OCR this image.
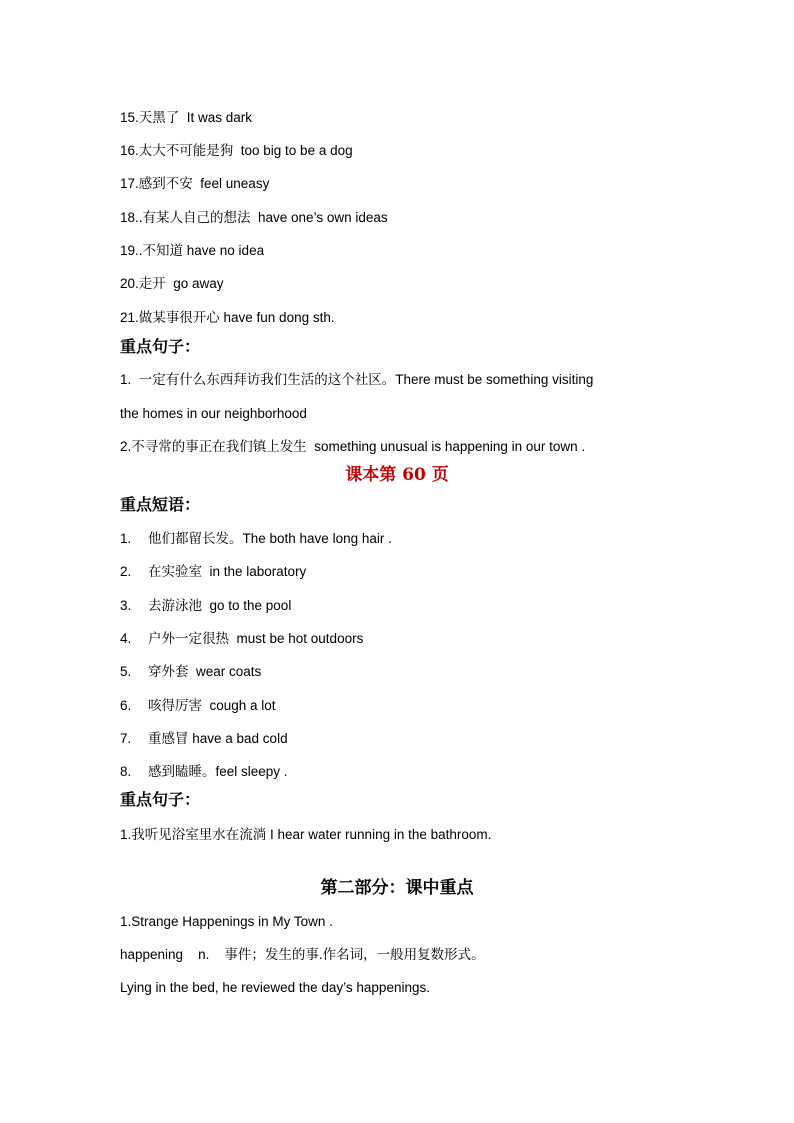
15.天黑了  It was dark
16.太大不可能是狗  too big to be a dog
17.感到不安  feel uneasy
18..有某人自己的想法  have one’s own ideas
19..不知道 have no idea
20.走开  go away
21.做某事很开心 have fun dong sth.
重点句子：
1.  一定有什么东西拜访我们生活的这个社区。There must be something visiting
the homes in our neighborhood
2.不寻常的事正在我们镇上发生  something unusual is happening in our town .
课本第 60 页
重点短语：
1. 他们都留长发。The both have long hair .
2. 在实验室  in the laboratory
3. 去游泳池  go to the pool
4. 户外一定很热  must be hot outdoors
5. 穿外套  wear coats
6. 咳得厉害  cough a lot
7. 重感冒 have a bad cold
8. 感到瞌睡。feel sleepy .
重点句子：
1.我听见浴室里水在流淌 I hear water running in the bathroom.
第二部分：课中重点
1.Strange Happenings in My Town .
happening    n.    事件；发生的事.作名词，一般用复数形式。
Lying in the bed, he reviewed the day’s happenings.
